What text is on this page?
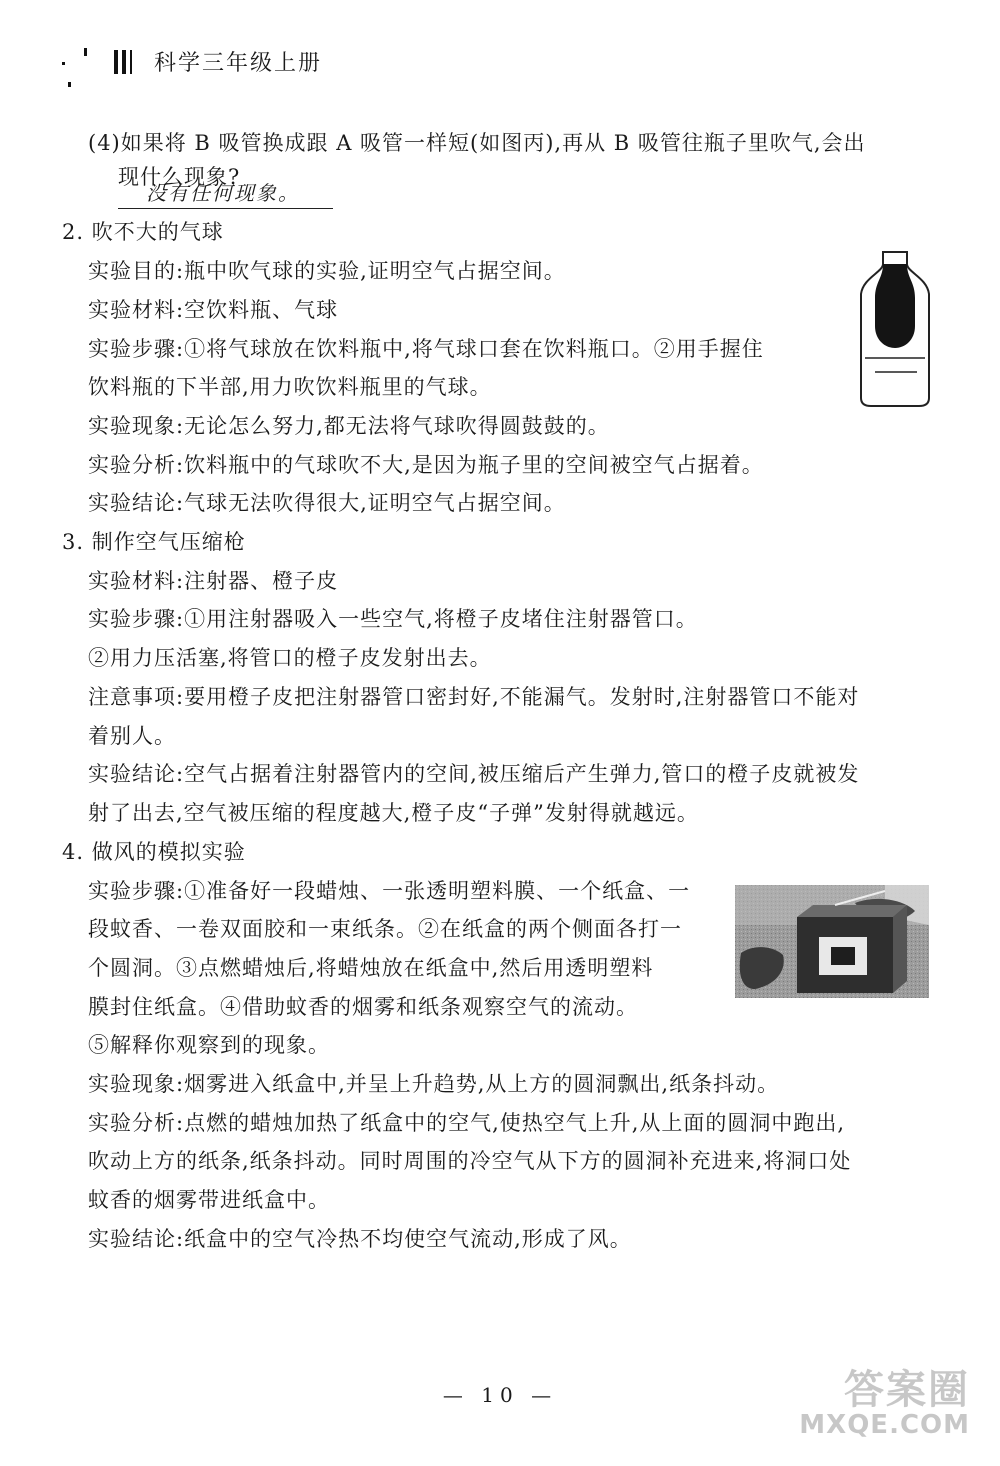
科学三年级上册
(4)如果将 B 吸管换成跟 A 吸管一样短(如图丙),再从 B 吸管往瓶子里吹气,会出
现什么现象?
没有任何现象。
2. 吹不大的气球
实验目的:瓶中吹气球的实验,证明空气占据空间。
实验材料:空饮料瓶、气球
实验步骤:①将气球放在饮料瓶中,将气球口套在饮料瓶口。②用手握住
饮料瓶的下半部,用力吹饮料瓶里的气球。
实验现象:无论怎么努力,都无法将气球吹得圆鼓鼓的。
实验分析:饮料瓶中的气球吹不大,是因为瓶子里的空间被空气占据着。
实验结论:气球无法吹得很大,证明空气占据空间。
3. 制作空气压缩枪
实验材料:注射器、橙子皮
实验步骤:①用注射器吸入一些空气,将橙子皮堵住注射器管口。
②用力压活塞,将管口的橙子皮发射出去。
注意事项:要用橙子皮把注射器管口密封好,不能漏气。发射时,注射器管口不能对
着别人。
实验结论:空气占据着注射器管内的空间,被压缩后产生弹力,管口的橙子皮就被发
射了出去,空气被压缩的程度越大,橙子皮“子弹”发射得就越远。
4. 做风的模拟实验
实验步骤:①准备好一段蜡烛、一张透明塑料膜、一个纸盒、一
段蚊香、一卷双面胶和一束纸条。②在纸盒的两个侧面各打一
个圆洞。③点燃蜡烛后,将蜡烛放在纸盒中,然后用透明塑料
膜封住纸盒。④借助蚊香的烟雾和纸条观察空气的流动。
⑤解释你观察到的现象。
实验现象:烟雾进入纸盒中,并呈上升趋势,从上方的圆洞飘出,纸条抖动。
实验分析:点燃的蜡烛加热了纸盒中的空气,使热空气上升,从上面的圆洞中跑出,
吹动上方的纸条,纸条抖动。同时周围的冷空气从下方的圆洞补充进来,将洞口处
蚊香的烟雾带进纸盒中。
实验结论:纸盒中的空气冷热不均使空气流动,形成了风。
— 10 —	答案圈
MXQE.COM
